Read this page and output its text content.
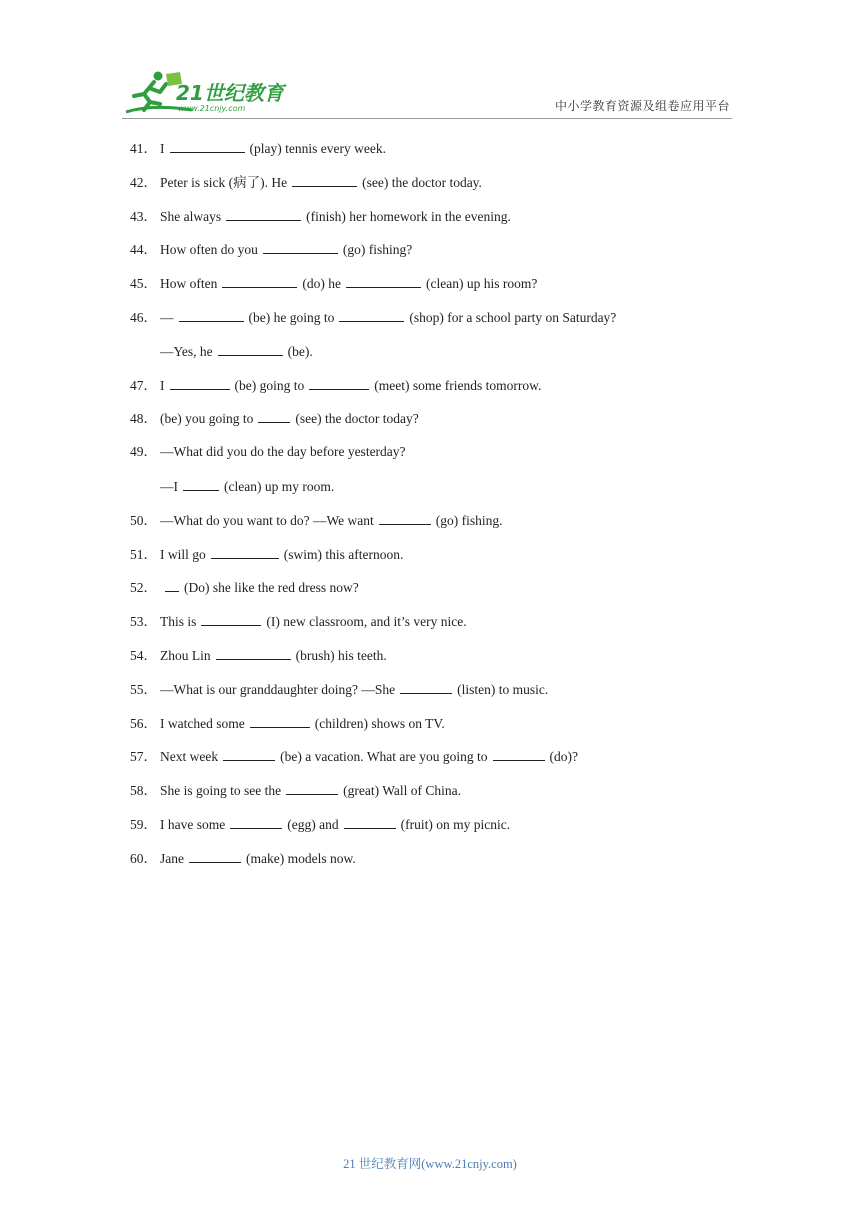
21世纪教育
www.21cnjy.com	中小学教育资源及组卷应用平台
41． I	(play) tennis every week.
42． Peter is sick (病了). He	(see) the doctor today.
43． She always	(finish) her homework in the evening.
44． How often do you	(go) fishing?
45． How often	(do) he	(clean) up his room?
46． —	(be) he going to	(shop) for a school party on Saturday?
—Yes, he	(be).
47． I	(be) going to	(meet) some friends tomorrow.
48． (be) you going to	(see) the doctor today?
49． —What did you do the day before yesterday?
—I	(clean) up my room.
50． —What do you want to do? —We want	(go) fishing.
51． I will go	(swim) this afternoon.
52． (Do) she like the red dress now?
53． This is	(I) new classroom, and it’s very nice.
54． Zhou Lin	(brush) his teeth.
55． —What is our granddaughter doing? —She	(listen) to music.
56． I watched some	(children) shows on TV.
57． Next week	(be) a vacation. What are you going to	(do)?
58． She is going to see the	(great) Wall of China.
59． I have some	(egg) and	(fruit) on my picnic.
60． Jane	(make) models now.
21 世纪教育网(www.21cnjy.com)
